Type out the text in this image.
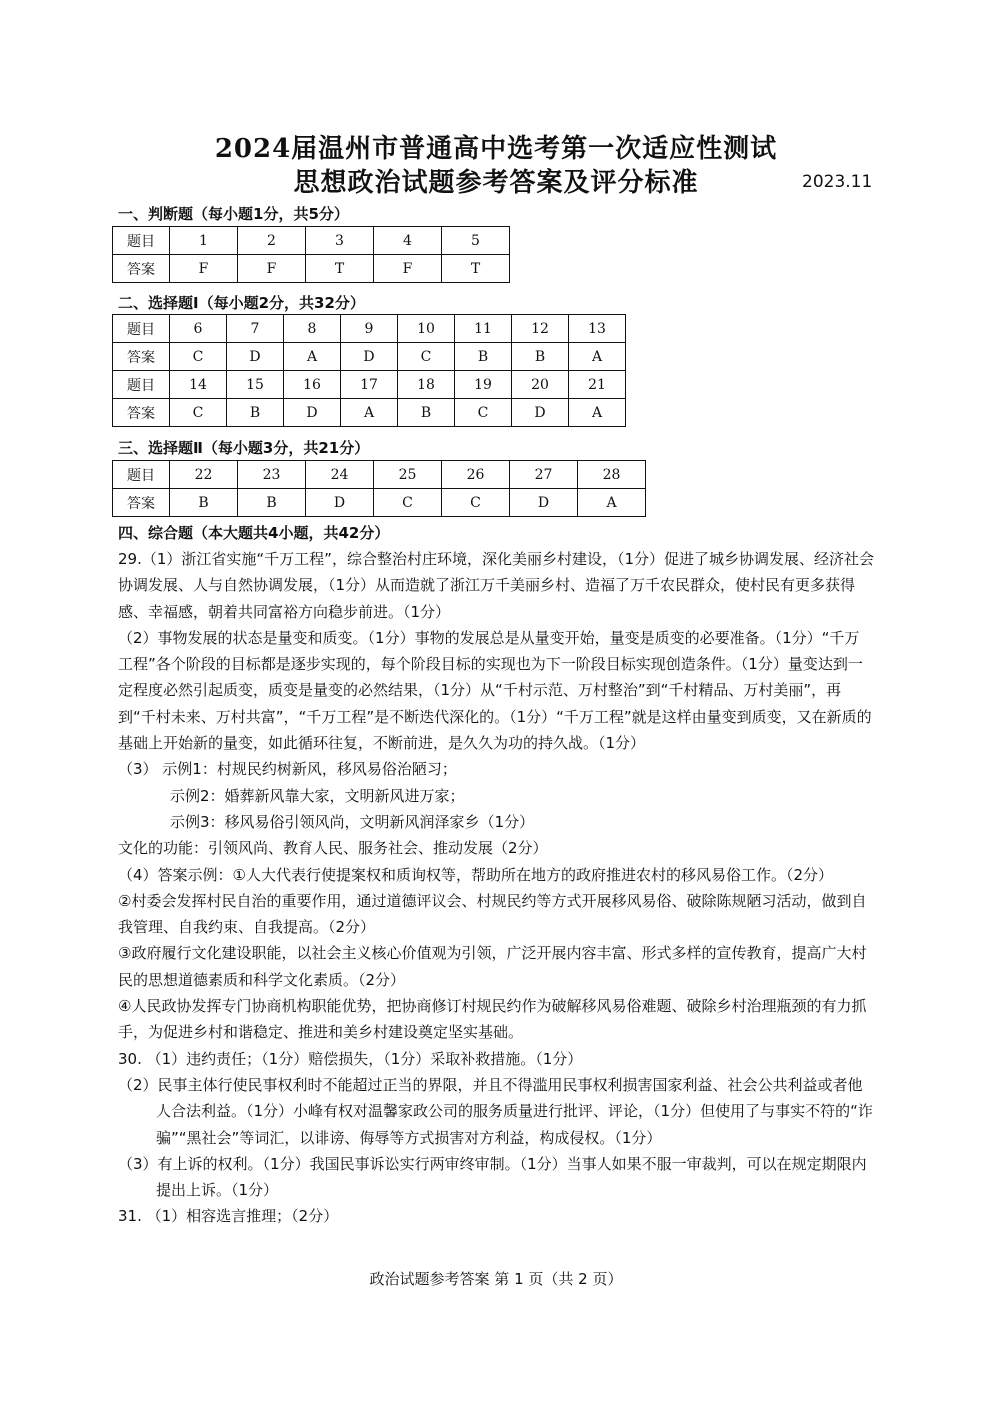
2024届温州市普通高中选考第一次适应性测试
思想政治试题参考答案及评分标准	2023.11
一、判断题（每小题1分，共5分）
题目	1	2	3	4	5
答案	F	F	T	F	T
二、选择题Ⅰ（每小题2分，共32分）
题目	6	7	8	9	10	11	12	13
答案	C	D	A	D	C	B	B	A
题目	14	15	16	17	18	19	20	21
答案	C	B	D	A	B	C	D	A
三、选择题Ⅱ（每小题3分，共21分）
题目	22	23	24	25	26	27	28
答案	B	B	D	C	C	D	A
四、综合题（本大题共4小题，共42分）

29.（1）浙江省实施“千万工程”，综合整治村庄环境，深化美丽乡村建设，（1分）促进了城乡协调发展、经济社会协调发展、人与自然协调发展，（1分）从而造就了浙江万千美丽乡村、造福了万千农民群众，使村民有更多获得感、幸福感，朝着共同富裕方向稳步前进。（1分）

（2）事物发展的状态是量变和质变。（1分）事物的发展总是从量变开始，量变是质变的必要准备。（1分）“千万工程”各个阶段的目标都是逐步实现的，每个阶段目标的实现也为下一阶段目标实现创造条件。（1分）量变达到一定程度必然引起质变，质变是量变的必然结果，（1分）从“千村示范、万村整治”到“千村精品、万村美丽”，再到“千村未来、万村共富”，“千万工程”是不断迭代深化的。（1分）“千万工程”就是这样由量变到质变，又在新质的基础上开始新的量变，如此循环往复，不断前进，是久久为功的持久战。（1分）

（3） 示例1：村规民约树新风，移风易俗治陋习；

示例2：婚葬新风靠大家，文明新风进万家；

示例3：移风易俗引领风尚，文明新风润泽家乡（1分）

文化的功能：引领风尚、教育人民、服务社会、推动发展（2分）

（4）答案示例：①人大代表行使提案权和质询权等，帮助所在地方的政府推进农村的移风易俗工作。（2分）

②村委会发挥村民自治的重要作用，通过道德评议会、村规民约等方式开展移风易俗、破除陈规陋习活动，做到自我管理、自我约束、自我提高。（2分）

③政府履行文化建设职能，以社会主义核心价值观为引领，广泛开展内容丰富、形式多样的宣传教育，提高广大村民的思想道德素质和科学文化素质。（2分）

④人民政协发挥专门协商机构职能优势，把协商修订村规民约作为破解移风易俗难题、破除乡村治理瓶颈的有力抓手，为促进乡村和谐稳定、推进和美乡村建设奠定坚实基础。

30. （1）违约责任；（1分）赔偿损失，（1分）采取补救措施。（1分）

（2）民事主体行使民事权利时不能超过正当的界限，并且不得滥用民事权利损害国家利益、社会公共利益或者他人合法利益。（1分）小峰有权对温馨家政公司的服务质量进行批评、评论，（1分）但使用了与事实不符的“诈骗”“黑社会”等词汇，以诽谤、侮辱等方式损害对方利益，构成侵权。（1分）

（3）有上诉的权利。（1分）我国民事诉讼实行两审终审制。（1分）当事人如果不服一审裁判，可以在规定期限内提出上诉。（1分）

31. （1）相容选言推理；（2分）

政治试题参考答案 第 1 页（共 2 页）
